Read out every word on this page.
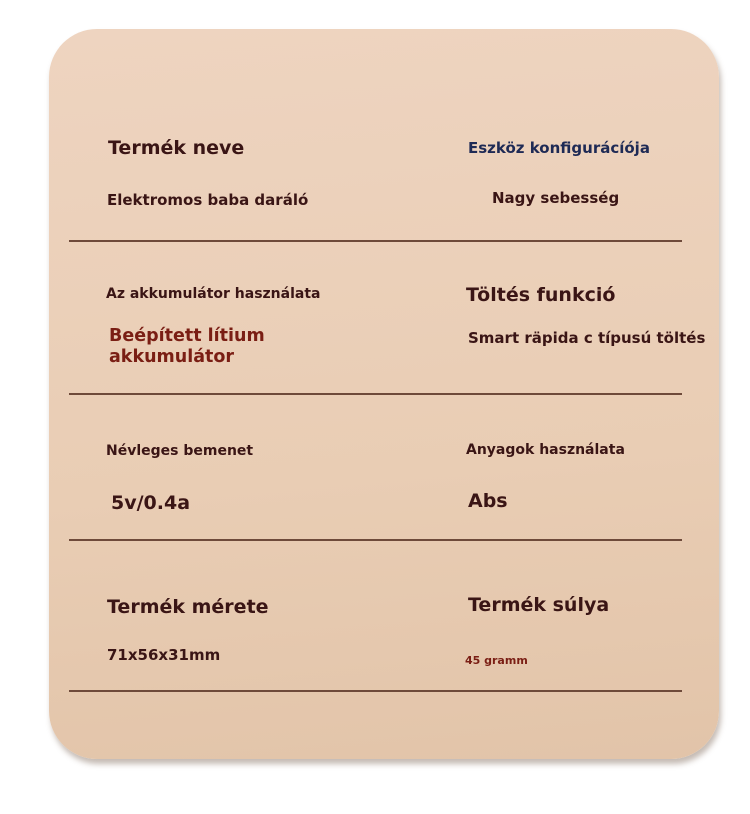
Termék neve

Elektromos baba daráló

Eszköz konfigurácíója

Nagy sebesség

Az akkumulátor használata

Beépített lítium akkumulátor

Töltés funkció

Smart räpida c típusú töltés

Névleges bemenet

5v/0.4a

Anyagok használata

Abs

Termék mérete

71x56x31mm

Termék súlya

45 gramm
